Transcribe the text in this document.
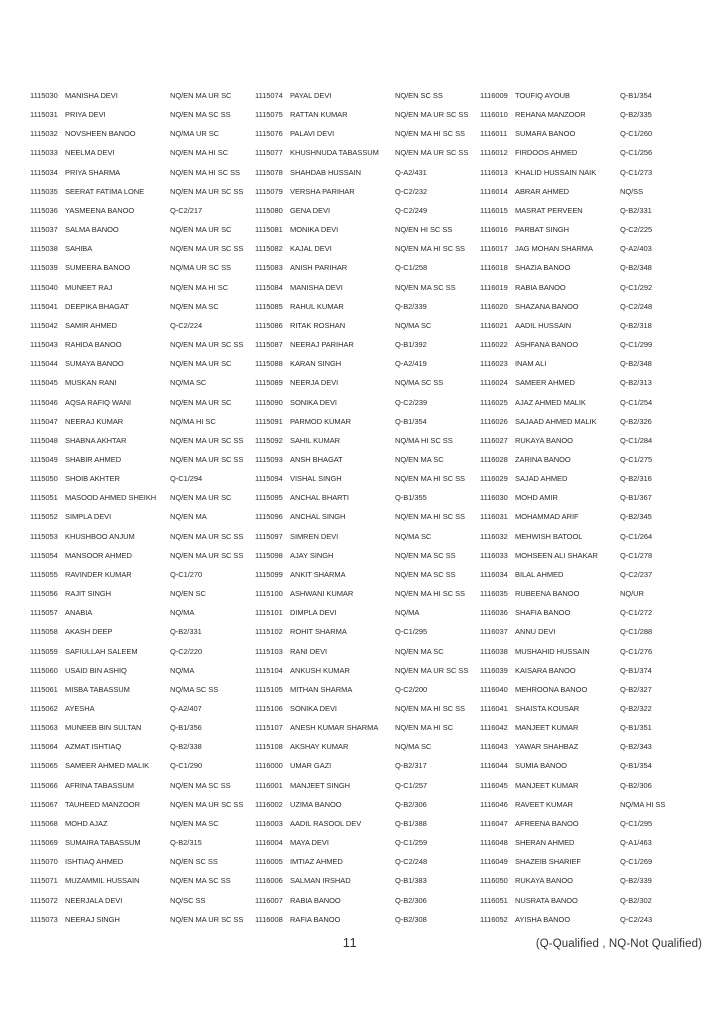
1115030 MANISHA DEVI	NQ/EN MA UR SC
1115031 PRIYA DEVI	NQ/EN MA SC SS
1115032 NOVSHEEN BANOO	NQ/MA UR SC
1115033 NEELMA DEVI	NQ/EN MA HI SC
1115034 PRIYA SHARMA	NQ/EN MA HI SC SS
1115035 SEERAT FATIMA LONE	NQ/EN MA UR SC SS
1115036 YASMEENA BANOO	Q-C2/217
1115037 SALMA BANOO	NQ/EN MA UR SC
1115038 SAHIBA	NQ/EN MA UR SC SS
1115039 SUMEERA BANOO	NQ/MA UR SC SS
1115040 MUNEET RAJ	NQ/EN MA HI SC
1115041 DEEPIKA BHAGAT	NQ/EN MA SC
1115042 SAMIR AHMED	Q-C2/224
1115043 RAHIDA BANOO	NQ/EN MA UR SC SS
1115044 SUMAYA BANOO	NQ/EN MA UR SC
1115045 MUSKAN RANI	NQ/MA SC
1115046 AQSA RAFIQ WANI	NQ/EN MA UR SC
1115047 NEERAJ KUMAR	NQ/MA HI SC
1115048 SHABNA AKHTAR	NQ/EN MA UR SC SS
1115049 SHABIR AHMED	NQ/EN MA UR SC SS
1115050 SHOIB AKHTER	Q-C1/294
1115051 MASOOD AHMED SHEIKH	NQ/EN MA UR SC
1115052 SIMPLA DEVI	NQ/EN MA
1115053 KHUSHBOO ANJUM	NQ/EN MA UR SC SS
1115054 MANSOOR AHMED	NQ/EN MA UR SC SS
1115055 RAVINDER KUMAR	Q-C1/270
1115056 RAJIT SINGH	NQ/EN SC
1115057 ANABIA	NQ/MA
1115058 AKASH DEEP	Q-B2/331
1115059 SAFIULLAH SALEEM	Q-C2/220
1115060 USAID BIN ASHIQ	NQ/MA
1115061 MISBA TABASSUM	NQ/MA SC SS
1115062 AYESHA	Q-A2/407
1115063 MUNEEB BIN SULTAN	Q-B1/356
1115064 AZMAT ISHTIAQ	Q-B2/338
1115065 SAMEER AHMED MALIK	Q-C1/290
1115066 AFRINA TABASSUM	NQ/EN MA SC SS
1115067 TAUHEED MANZOOR	NQ/EN MA UR SC SS
1115068 MOHD AJAZ	NQ/EN MA SC
1115069 SUMAIRA TABASSUM	Q-B2/315
1115070 ISHTIAQ AHMED	NQ/EN SC SS
1115071 MUZAMMIL HUSSAIN	NQ/EN MA SC SS
1115072 NEERJALA DEVI	NQ/SC SS
1115073 NEERAJ SINGH	NQ/EN MA UR SC SS
1115074 PAYAL DEVI	NQ/EN SC SS
1115075 RATTAN KUMAR	NQ/EN MA UR SC SS
1115076 PALAVI DEVI	NQ/EN MA HI SC SS
1115077 KHUSHNUDA TABASSUM	NQ/EN MA UR SC SS
1115078 SHAHDAB HUSSAIN	Q-A2/431
1115079 VERSHA PARIHAR	Q-C2/232
1115080 GENA DEVI	Q-C2/249
1115081 MONIKA DEVI	NQ/EN HI SC SS
1115082 KAJAL DEVI	NQ/EN MA HI SC SS
1115083 ANISH PARIHAR	Q-C1/258
1115084 MANISHA DEVI	NQ/EN MA SC SS
1115085 RAHUL KUMAR	Q-B2/339
1115086 RITAK ROSHAN	NQ/MA SC
1115087 NEERAJ PARIHAR	Q-B1/392
1115088 KARAN SINGH	Q-A2/419
1115089 NEERJA DEVI	NQ/MA SC SS
1115090 SONIKA DEVI	Q-C2/239
1115091 PARMOD KUMAR	Q-B1/354
1115092 SAHIL KUMAR	NQ/MA HI SC SS
1115093 ANSH BHAGAT	NQ/EN MA SC
1115094 VISHAL SINGH	NQ/EN MA HI SC SS
1115095 ANCHAL BHARTI	Q-B1/355
1115096 ANCHAL SINGH	NQ/EN MA HI SC SS
1115097 SIMREN DEVI	NQ/MA SC
1115098 AJAY SINGH	NQ/EN MA SC SS
1115099 ANKIT SHARMA	NQ/EN MA SC SS
1115100 ASHWANI KUMAR	NQ/EN MA HI SC SS
1115101 DIMPLA DEVI	NQ/MA
1115102 ROHIT SHARMA	Q-C1/295
1115103 RANI DEVI	NQ/EN MA SC
1115104 ANKUSH KUMAR	NQ/EN MA UR SC SS
1115105 MITHAN SHARMA	Q-C2/200
1115106 SONIKA DEVI	NQ/EN MA HI SC SS
1115107 ANESH KUMAR SHARMA	NQ/EN MA HI SC
1115108 AKSHAY KUMAR	NQ/MA SC
1116000 UMAR GAZI	Q-B2/317
1116001 MANJEET SINGH	Q-C1/257
1116002 UZIMA BANOO	Q-B2/306
1116003 AADIL RASOOL DEV	Q-B1/388
1116004 MAYA DEVI	Q-C1/259
1116005 IMTIAZ AHMED	Q-C2/248
1116006 SALMAN IRSHAD	Q-B1/383
1116007 RABIA BANOO	Q-B2/306
1116008 RAFIA BANOO	Q-B2/308
1116009 TOUFIQ AYOUB	Q-B1/354
1116010 REHANA MANZOOR	Q-B2/335
1116011	SUMARA BANOO	Q-C1/260
1116012 FIRDOOS AHMED	Q-C1/256
1116013 KHALID HUSSAIN NAIK	Q-C1/273
1116014 ABRAR AHMED	NQ/SS
1116015 MASRAT PERVEEN	Q-B2/331
1116016 PARBAT SINGH	Q-C2/225
1116017 JAG MOHAN SHARMA	Q-A2/403
1116018 SHAZIA BANOO	Q-B2/348
1116019 RABIA BANOO	Q-C1/292
1116020 SHAZANA BANOO	Q-C2/248
1116021 AADIL HUSSAIN	Q-B2/318
1116022 ASHFANA BANOO	Q-C1/299
1116023 INAM ALI	Q-B2/348
1116024 SAMEER AHMED	Q-B2/313
1116025 AJAZ AHMED MALIK	Q-C1/254
1116026 SAJAAD AHMED MALIK	Q-B2/326
1116027 RUKAYA BANOO	Q-C1/284
1116028 ZARINA BANOO	Q-C1/275
1116029 SAJAD AHMED	Q-B2/316
1116030 MOHD AMIR	Q-B1/367
1116031 MOHAMMAD ARIF	Q-B2/345
1116032 MEHWISH BATOOL	Q-C1/264
1116033 MOHSEEN ALI SHAKAR	Q-C1/278
1116034 BILAL AHMED	Q-C2/237
1116035 RUBEENA BANOO	NQ/UR
1116036 SHAFIA BANOO	Q-C1/272
1116037 ANNU DEVI	Q-C1/288
1116038 MUSHAHID HUSSAIN	Q-C1/276
1116039 KAISARA BANOO	Q-B1/374
1116040 MEHROONA BANOO	Q-B2/327
1116041 SHAISTA KOUSAR	Q-B2/322
1116042 MANJEET KUMAR	Q-B1/351
1116043 YAWAR SHAHBAZ	Q-B2/343
1116044 SUMIA BANOO	Q-B1/354
1116045 MANJEET KUMAR	Q-B2/306
1116046 RAVEET KUMAR	NQ/MA HI SS
1116047 AFREENA BANOO	Q-C1/295
1116048 SHERAN AHMED	Q-A1/463
1116049 SHAZEIB SHARIEF	Q-C1/269
1116050 RUKAYA BANOO	Q-B2/339
1116051 NUSRATA BANOO	Q-B2/302
1116052 AYISHA BANOO	Q-C2/243
11	(Q-Qualified , NQ-Not Qualified)
